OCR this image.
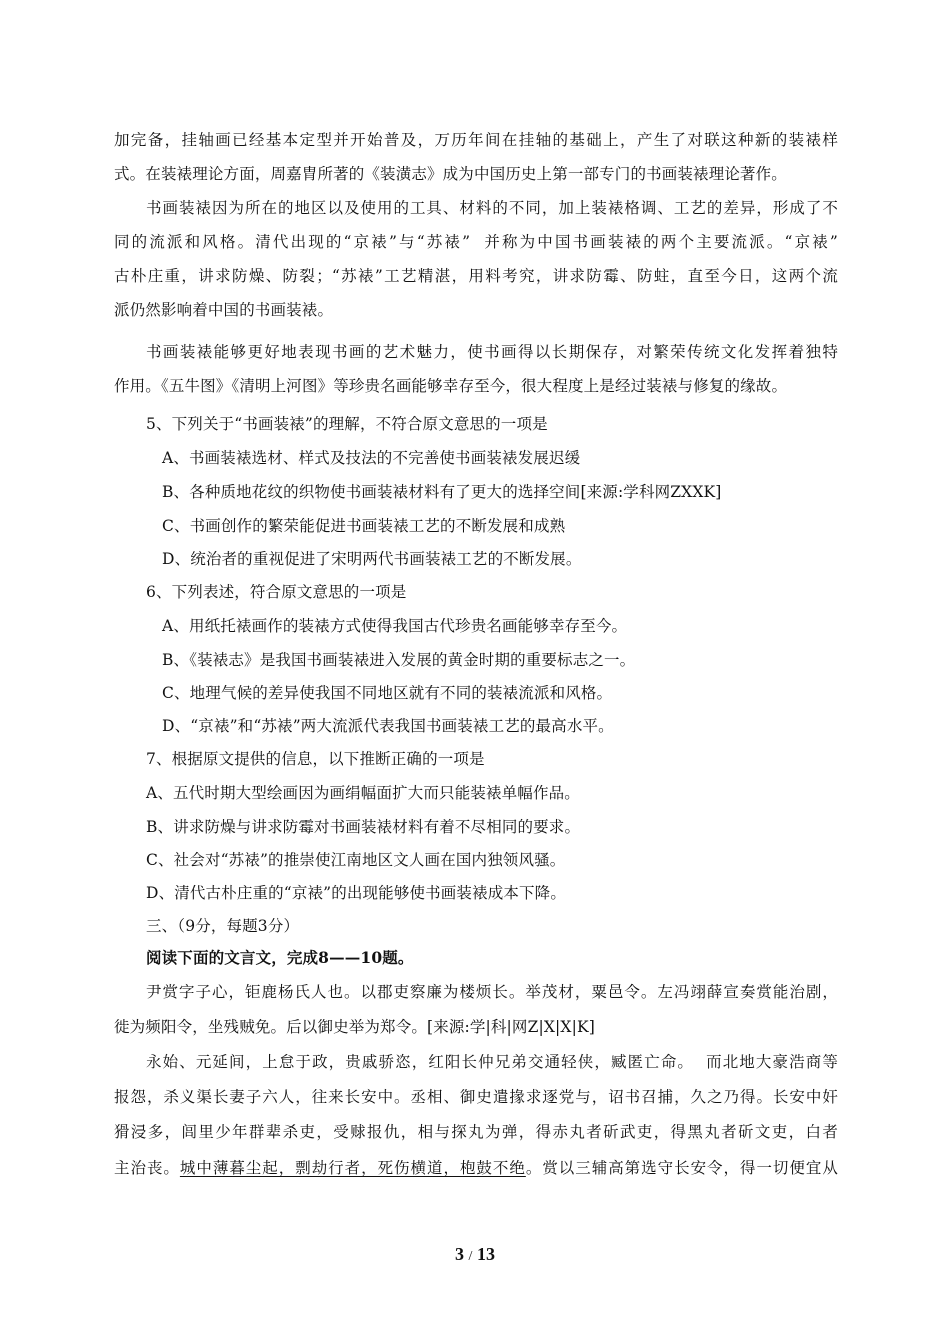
加完备，挂轴画已经基本定型并开始普及，万历年间在挂轴的基础上，产生了对联这种新的装裱样
式。在装裱理论方面，周嘉胄所著的《装潢志》成为中国历史上第一部专门的书画装裱理论著作。
书画装裱因为所在的地区以及使用的工具、材料的不同，加上装裱格调、工艺的差异，形成了不
同的流派和风格。清代出现的“京裱”与“苏裱”  并称为中国书画装裱的两个主要流派。“京裱”
古朴庄重，讲求防燥、防裂；“苏裱”工艺精湛，用料考究，讲求防霉、防蛀，直至今日，这两个流
派仍然影响着中国的书画装裱。
书画装裱能够更好地表现书画的艺术魅力，使书画得以长期保存，对繁荣传统文化发挥着独特
作用。《五牛图》《清明上河图》等珍贵名画能够幸存至今，很大程度上是经过装裱与修复的缘故。
5、下列关于“书画装裱”的理解，不符合原文意思的一项是
A、书画装裱选材、样式及技法的不完善使书画装裱发展迟缓
B、各种质地花纹的织物使书画装裱材料有了更大的选择空间[来源:学科网ZXXK]
C、书画创作的繁荣能促进书画装裱工艺的不断发展和成熟
D、统治者的重视促进了宋明两代书画装裱工艺的不断发展。
6、下列表述，符合原文意思的一项是
A、用纸托裱画作的装裱方式使得我国古代珍贵名画能够幸存至今。
B、《装裱志》是我国书画装裱进入发展的黄金时期的重要标志之一。
C、地理气候的差异使我国不同地区就有不同的装裱流派和风格。
D、“京裱”和“苏裱”两大流派代表我国书画装裱工艺的最高水平。
7、根据原文提供的信息，以下推断正确的一项是
A、五代时期大型绘画因为画绢幅面扩大而只能装裱单幅作品。
B、讲求防燥与讲求防霉对书画装裱材料有着不尽相同的要求。
C、社会对“苏裱”的推崇使江南地区文人画在国内独领风骚。
D、清代古朴庄重的“京裱”的出现能够使书画装裱成本下降。
三、（9分，每题3分）
阅读下面的文言文，完成8——10题。
尹赏字子心，钜鹿杨氏人也。以郡吏察廉为楼烦长。举茂材，粟邑令。左冯翊薛宣奏赏能治剧，
徙为频阳令，坐残贼免。后以御史举为郑令。[来源:学|科|网Z|X|X|K]
永始、元延间，上怠于政，贵戚骄恣，红阳长仲兄弟交通轻侠，臧匿亡命。  而北地大豪浩商等
报怨，杀义渠长妻子六人，往来长安中。丞相、御史遣掾求逐党与，诏书召捕，久之乃得。长安中奸
猾浸多，闾里少年群辈杀吏，受赇报仇，相与探丸为弹，得赤丸者斫武吏，得黑丸者斫文吏，白者
主治丧。城中薄暮尘起，剽劫行者，死伤横道，枹鼓不绝。赏以三辅高第选守长安令，得一切便宜从
3 / 13
